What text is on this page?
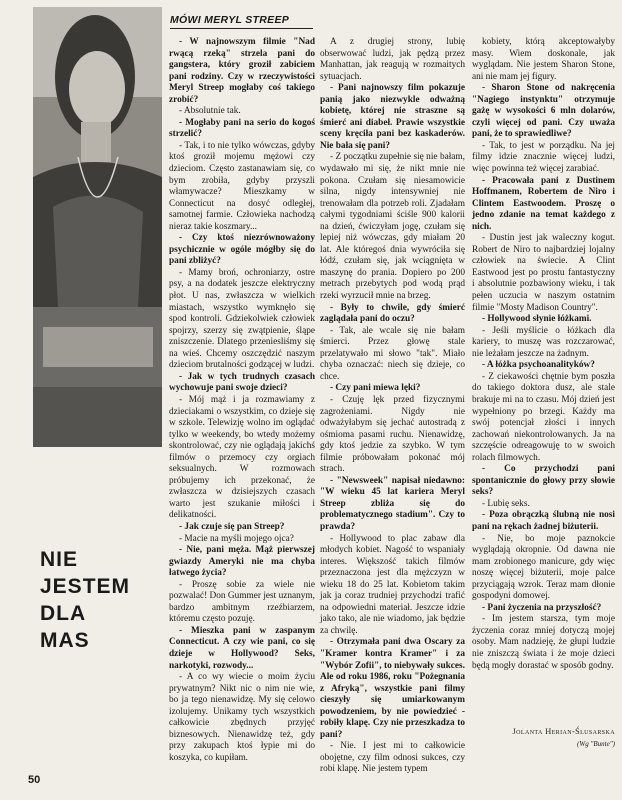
MÓWI MERYL STREEP
NIE
JESTEM
DLA
MAS

- W najnowszym filmie "Nad rwącą rzeką" strzela pani do gangstera, który groził zabiciem pani rodziny. Czy w rzeczywistości Meryl Streep mogłaby coś takiego zrobić?

- Absolutnie tak.

- Mogłaby pani na serio do kogoś strzelić?

- Tak, i to nie tylko wówczas, gdyby ktoś groził mojemu mężowi czy dzieciom. Często zastanawiam się, co bym zrobiła, gdyby przyszli włamywacze? Mieszkamy w Connecticut na dosyć odległej, samotnej farmie. Człowieka nachodzą nieraz takie koszmary...

- Czy ktoś niezrównoważony psychicznie w ogóle mógłby się do pani zbliżyć?

- Mamy broń, ochroniarzy, ostre psy, a na dodatek jeszcze elektryczny płot. U nas, zwłaszcza w wielkich miastach, wszystko wymknęło się spod kontroli. Gdziekolwiek człowiek spojrzy, szerzy się zwątpienie, śląpe zniszczenie. Dlatego przeniesliśmy się na wieś. Chcemy oszczędzić naszym dzieciom brutalności godzącej w ludzi.

- Jak w tych trudnych czasach wychowuje pani swoje dzieci?

- Mój mąż i ja rozmawiamy z dzieciakami o wszystkim, co dzieje się w szkole. Telewizję wolno im oglądać tylko w weekendy, bo wtedy możemy skontrolować, czy nie oglądają jakichś filmów o przemocy czy orgiach seksualnych. W rozmowach próbujemy ich przekonać, że zwłaszcza w dzisiejszych czasach warto jest szukanie miłości i delikatności.

- Jak czuje się pan Streep?

- Macie na myśli mojego ojca?

- Nie, pani męża. Mąż pierwszej gwiazdy Ameryki nie ma chyba łatwego życia?

- Proszę sobie za wiele nie pozwalać! Don Gummer jest uznanym, bardzo ambitnym rzeźbiarzem, któremu często pozuję.

- Mieszka pani w zaspanym Connecticut. A czy wie pani, co się dzieje w Hollywood? Seks, narkotyki, rozwody...

- A co wy wiecie o moim życiu prywatnym? Nikt nic o nim nie wie, bo ja tego nienawidzę. My się celowo izolujemy. Unikamy tych wszystkich całkowicie zbędnych przyjęć biznesowych. Nienawidzę też, gdy przy zakupach ktoś łypie mi do koszyka, co kupiłam.

A z drugiej strony, lubię obserwować ludzi, jak pędzą przez Manhattan, jak reagują w rozmaitych sytuacjach.

- Pani najnowszy film pokazuje panią jako niezwykle odważną kobietę, której nie straszne są śmierć ani diabeł. Prawie wszystkie sceny kręciła pani bez kaskaderów. Nie bała się pani?

- Z początku zupełnie się nie bałam, wydawało mi się, że nikt mnie nie pokona. Czułam się niesamowicie silna, nigdy intensywniej nie trenowałam dla potrzeb roli. Zjadałam całymi tygodniami ściśle 900 kalorii na dzień, ćwiczyłam jogę, czułam się lepiej niż wówczas, gdy miałam 20 lat. Ale któregoś dnia wywróciła się łódź, czułam się, jak wciągnięta w maszynę do prania. Dopiero po 200 metrach przebytych pod wodą prąd rzeki wyrzucił mnie na brzeg.

- Były to chwile, gdy śmierć zaglądała pani do oczu?

- Tak, ale wcale się nie bałam śmierci. Przez głowę stale przelatywało mi słowo "tak". Miało chyba oznaczać: niech się dzieje, co chce.

- Czy pani miewa lęki?

- Czuję lęk przed fizycznymi zagrożeniami. Nigdy nie odważyłabym się jechać autostradą z ośmioma pasami ruchu. Nienawidzę, gdy ktoś jedzie za szybko. W tym filmie próbowałam pokonać mój strach.

- "Newsweek" napisał niedawno: "W wieku 45 lat kariera Meryl Streep zbliża się do problematycznego stadium". Czy to prawda?

- Hollywood to plac zabaw dla młodych kobiet. Nagość to wspaniały interes. Większość takich filmów przeznaczona jest dla mężczyzn w wieku 18 do 25 lat. Kobietom takim jak ja coraz trudniej przychodzi trafić na odpowiedni materiał. Jeszcze idzie jako tako, ale nie wiadomo, jak będzie za chwilę.

- Otrzymała pani dwa Oscary za "Kramer kontra Kramer" i za "Wybór Zofii", to niebywały sukces. Ale od roku 1986, roku "Pożegnania z Afryką", wszystkie pani filmy cieszyły się umiarkowanym powodzeniem, by nie powiedzieć - robiły klapę. Czy nie przeszkadza to pani?

- Nie. I jest mi to całkowicie obojętne, czy film odnosi sukces, czy robi klapę. Nie jestem typem

kobiety, którą akceptowałyby masy. Wiem doskonale, jak wyglądam. Nie jestem Sharon Stone, ani nie mam jej figury.

- Sharon Stone od nakręcenia "Nagiego instynktu" otrzymuje gażę w wysokości 6 mln dolarów, czyli więcej od pani. Czy uważa pani, że to sprawiedliwe?

- Tak, to jest w porządku. Na jej filmy idzie znacznie więcej ludzi, więc powinna też więcej zarabiać.

- Pracowała pani z Dustinem Hoffmanem, Robertem de Niro i Clintem Eastwoodem. Proszę o jedno zdanie na temat każdego z nich.

- Dustin jest jak waleczny kogut. Robert de Niro to najbardziej lojalny człowiek na świecie. A Clint Eastwood jest po prostu fantastyczny i absolutnie pozbawiony wieku, i tak pełen uczucia w naszym ostatnim filmie "Mosty Madison Country".

- Hollywood słynie łóżkami.

- Jeśli myślicie o łóżkach dla kariery, to muszę was rozczarować, nie leżałam jeszcze na żadnym.

- A łóżka psychoanalityków?

- Z ciekawości chętnie bym poszła do takiego doktora dusz, ale stale brakuje mi na to czasu. Mój dzień jest wypełniony po brzegi. Każdy ma swój potencjał złości i innych zachowań niekontrolowanych. Ja na szczęście odreagowuję to w swoich rolach filmowych.

- Co przychodzi pani spontanicznie do głowy przy słowie seks?

- Lubię seks.

- Poza obrączką ślubną nie nosi pani na rękach żadnej biżuterii.

- Nie, bo moje paznokcie wyglądają okropnie. Od dawna nie mam zrobionego manicure, gdy więc noszę więcej biżuterii, moje palce przyciągają wzrok. Teraz mam dłonie gospodyni domowej.

- Pani życzenia na przyszłość?

- Im jestem starsza, tym moje życzenia coraz mniej dotyczą mojej osoby. Mam nadzieję, że głupi ludzie nie zniszczą świata i że moje dzieci będą mogły dorastać w sposób godny.

Jolanta Herian-Ślusarska
(Wg "Bunte")
50
